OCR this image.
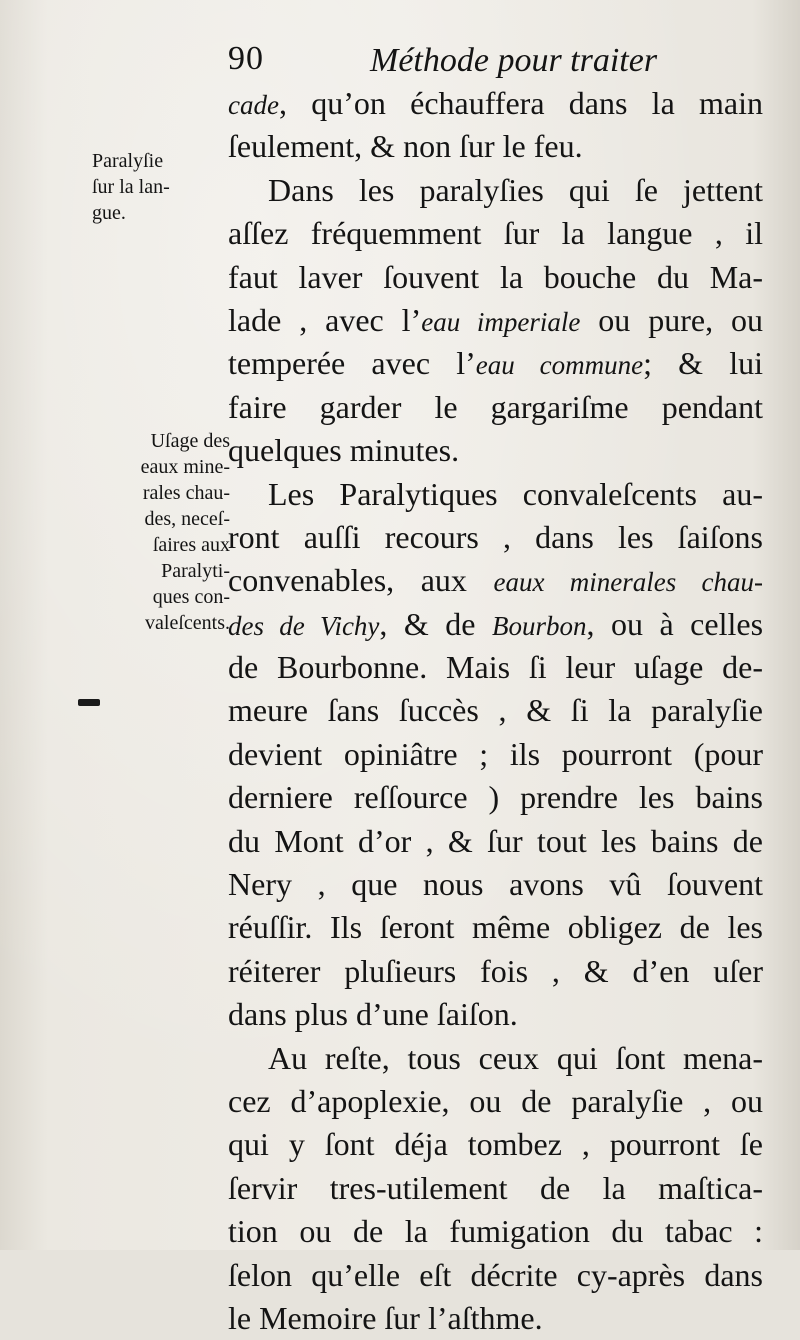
90	Méthode pour traiter
Paralyſie
ſur la lan-
gue.
Uſage des
eaux mine-
rales chau-
des, neceſ-
ſaires aux
Paralyti-
ques con-
valeſcents.
cade, qu’on échauffera dans la main
ſeulement, & non ſur le feu.
Dans les paralyſies qui ſe jettent
aſſez fréquemment ſur la langue , il
faut laver ſouvent la bouche du Ma-
lade , avec l’eau imperiale ou pure, ou
temperée avec l’eau commune; & lui
faire garder le gargariſme pendant
quelques minutes.
Les Paralytiques convaleſcents au-
ront auſſi recours , dans les ſaiſons
convenables, aux eaux minerales chau-
des de Vichy, & de Bourbon, ou à celles
de Bourbonne. Mais ſi leur uſage de-
meure ſans ſuccès , & ſi la paralyſie
devient opiniâtre ; ils pourront (pour
derniere reſſource ) prendre les bains
du Mont d’or , & ſur tout les bains de
Nery , que nous avons vû ſouvent
réuſſir. Ils ſeront même obligez de les
réiterer pluſieurs fois , & d’en uſer
dans plus d’une ſaiſon.
Au reſte, tous ceux qui ſont mena-
cez d’apoplexie, ou de paralyſie , ou
qui y ſont déja tombez , pourront ſe
ſervir tres-utilement de la maſtica-
tion ou de la fumigation du tabac :
ſelon qu’elle eſt décrite cy-après dans
le Memoire ſur l’aſthme.
